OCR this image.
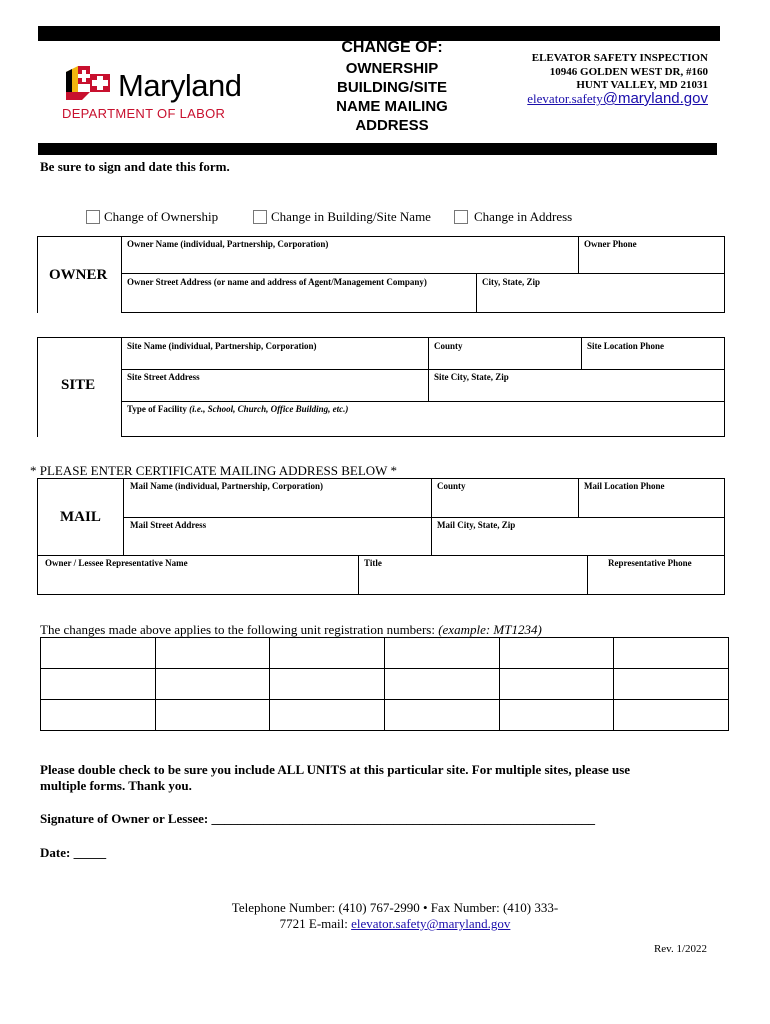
Maryland
DEPARTMENT OF LABOR
CHANGE OF:
OWNERSHIP
BUILDING/SITE
NAME MAILING
ADDRESS
ELEVATOR SAFETY INSPECTION
10946 GOLDEN WEST DR, #160
HUNT VALLEY, MD 21031
elevator.safety@maryland.gov
Be sure to sign and date this form.
Change of Ownership	Change in Building/Site Name	Change in Address
OWNER
Owner Name (individual, Partnership, Corporation)	Owner Phone
Owner Street Address (or name and address of Agent/Management Company)	City, State, Zip
SITE
Site Name (individual, Partnership, Corporation)	County	Site Location Phone
Site Street Address	Site City, State, Zip
Type of Facility (i.e., School, Church, Office Building, etc.)
* PLEASE ENTER CERTIFICATE MAILING ADDRESS BELOW *
MAIL
Mail Name (individual, Partnership, Corporation)	County	Mail Location Phone
Mail Street Address	Mail City, State, Zip
Owner / Lessee Representative Name	Title	Representative Phone
The changes made above applies to the following unit registration numbers: (example: MT1234)

Please double check to be sure you include ALL UNITS at this particular site. For multiple sites, please use
multiple forms. Thank you.
Signature of Owner or Lessee: ___________________________________________________________
Date: _____
Telephone Number: (410) 767-2990 • Fax Number: (410) 333-
7721 E-mail: elevator.safety@maryland.gov
Rev. 1/2022
